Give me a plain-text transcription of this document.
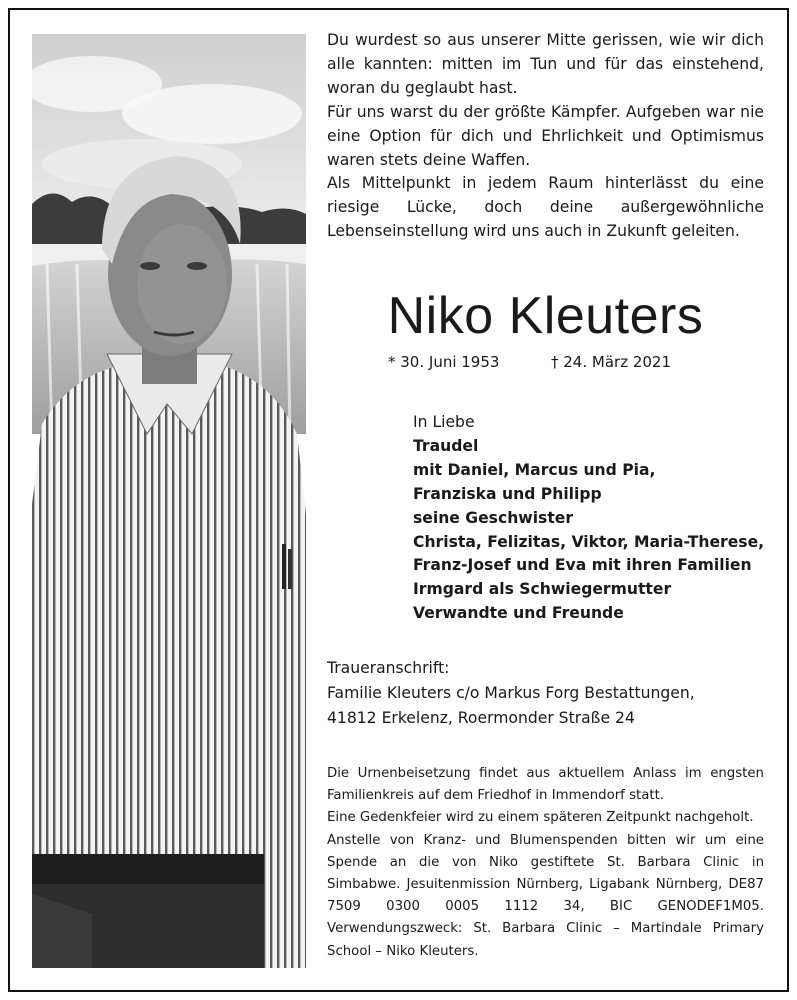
Du wurdest so aus unserer Mitte gerissen, wie wir dich alle kannten: mitten im Tun und für das einstehend, woran du geglaubt hast.

Für uns warst du der größte Kämpfer. Aufgeben war nie eine Option für dich und Ehrlichkeit und Optimismus waren stets deine Waffen.

Als Mittelpunkt in jedem Raum hinterlässt du eine riesige Lücke, doch deine außergewöhnliche Lebenseinstellung wird uns auch in Zukunft geleiten.

Niko Kleuters
* 30. Juni 1953	† 24. März 2021
In Liebe
Traudel
mit Daniel, Marcus und Pia,
Franziska und Philipp
seine Geschwister
Christa, Felizitas, Viktor, Maria-Therese,
Franz-Josef und Eva mit ihren Familien
Irmgard als Schwiegermutter
Verwandte und Freunde
Traueranschrift:
Familie Kleuters c/o Markus Forg Bestattungen,
41812 Erkelenz, Roermonder Straße 24

Die Urnenbeisetzung findet aus aktuellem Anlass im engsten Familienkreis auf dem Friedhof in Immendorf statt.

Eine Gedenkfeier wird zu einem späteren Zeitpunkt nachgeholt.

Anstelle von Kranz- und Blumenspenden bitten wir um eine Spende an die von Niko gestiftete St. Barbara Clinic in Simbabwe. Jesuitenmission Nürnberg, Ligabank Nürnberg, DE87 7509 0300 0005 1112 34, BIC GENODEF1M05. Verwendungszweck: St. Barbara Clinic – Martindale Primary School – Niko Kleuters.
